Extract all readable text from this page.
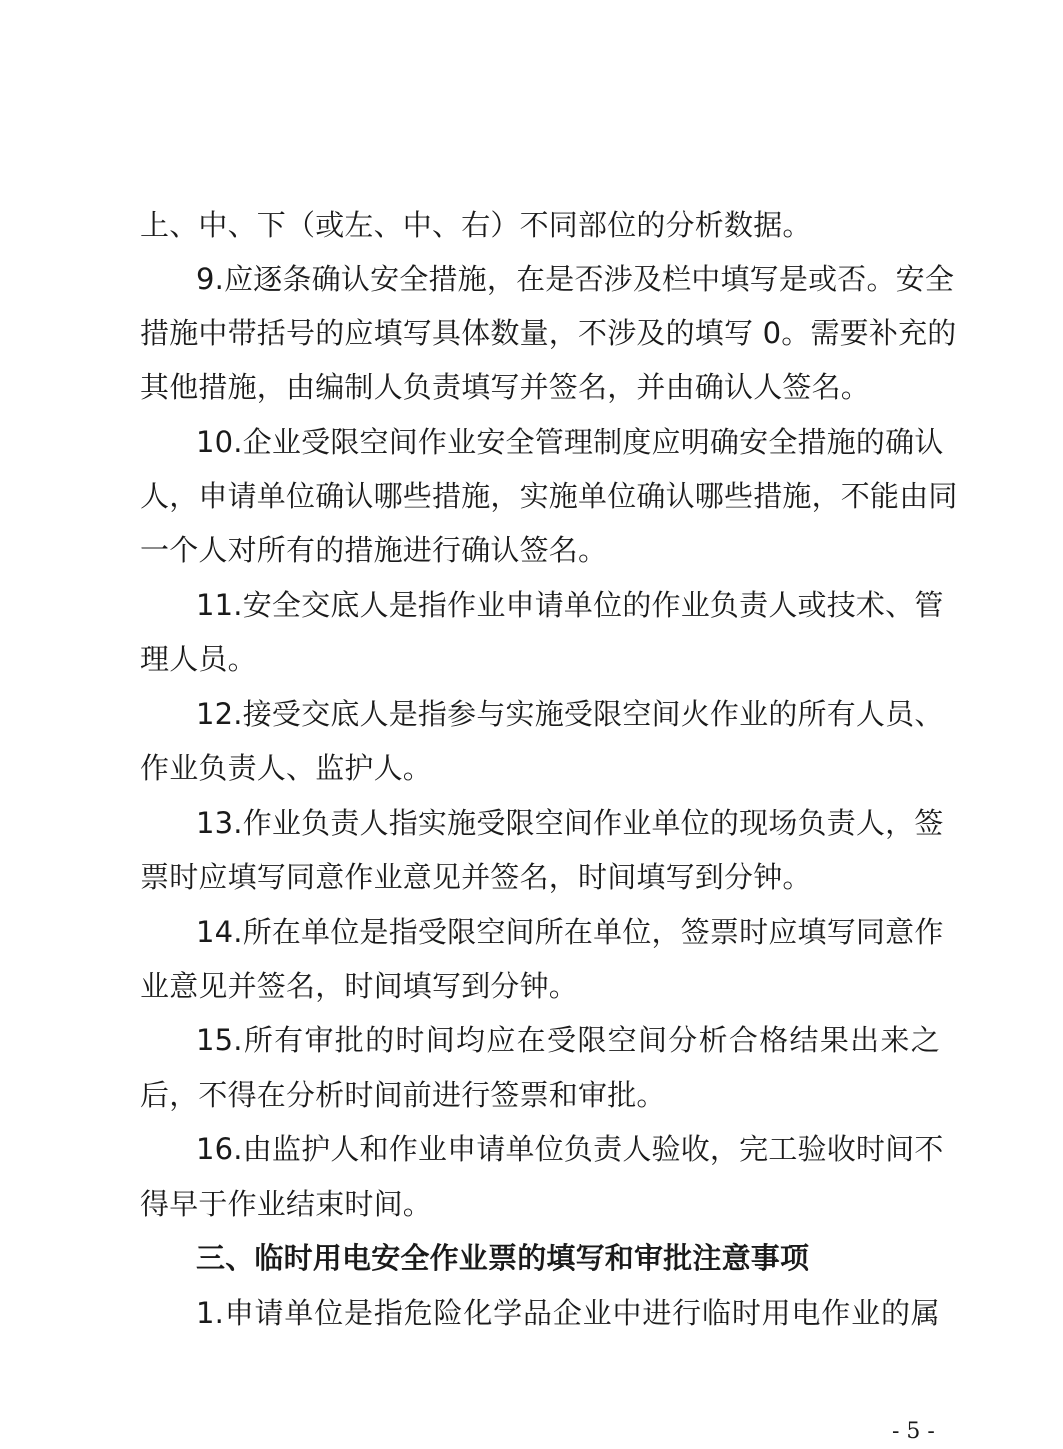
上、中、下（或左、中、右）不同部位的分析数据。
9.应逐条确认安全措施，在是否涉及栏中填写是或否。安全
措施中带括号的应填写具体数量，不涉及的填写 0。需要补充的
其他措施，由编制人负责填写并签名，并由确认人签名。
10.企业受限空间作业安全管理制度应明确安全措施的确认
人，申请单位确认哪些措施，实施单位确认哪些措施，不能由同
一个人对所有的措施进行确认签名。
11.安全交底人是指作业申请单位的作业负责人或技术、管
理人员。
12.接受交底人是指参与实施受限空间火作业的所有人员、
作业负责人、监护人。
13.作业负责人指实施受限空间作业单位的现场负责人，签
票时应填写同意作业意见并签名，时间填写到分钟。
14.所在单位是指受限空间所在单位，签票时应填写同意作
业意见并签名，时间填写到分钟。
15.所有审批的时间均应在受限空间分析合格结果出来之
后，不得在分析时间前进行签票和审批。
16.由监护人和作业申请单位负责人验收，完工验收时间不
得早于作业结束时间。
三、临时用电安全作业票的填写和审批注意事项
1.申请单位是指危险化学品企业中进行临时用电作业的属
- 5 -
